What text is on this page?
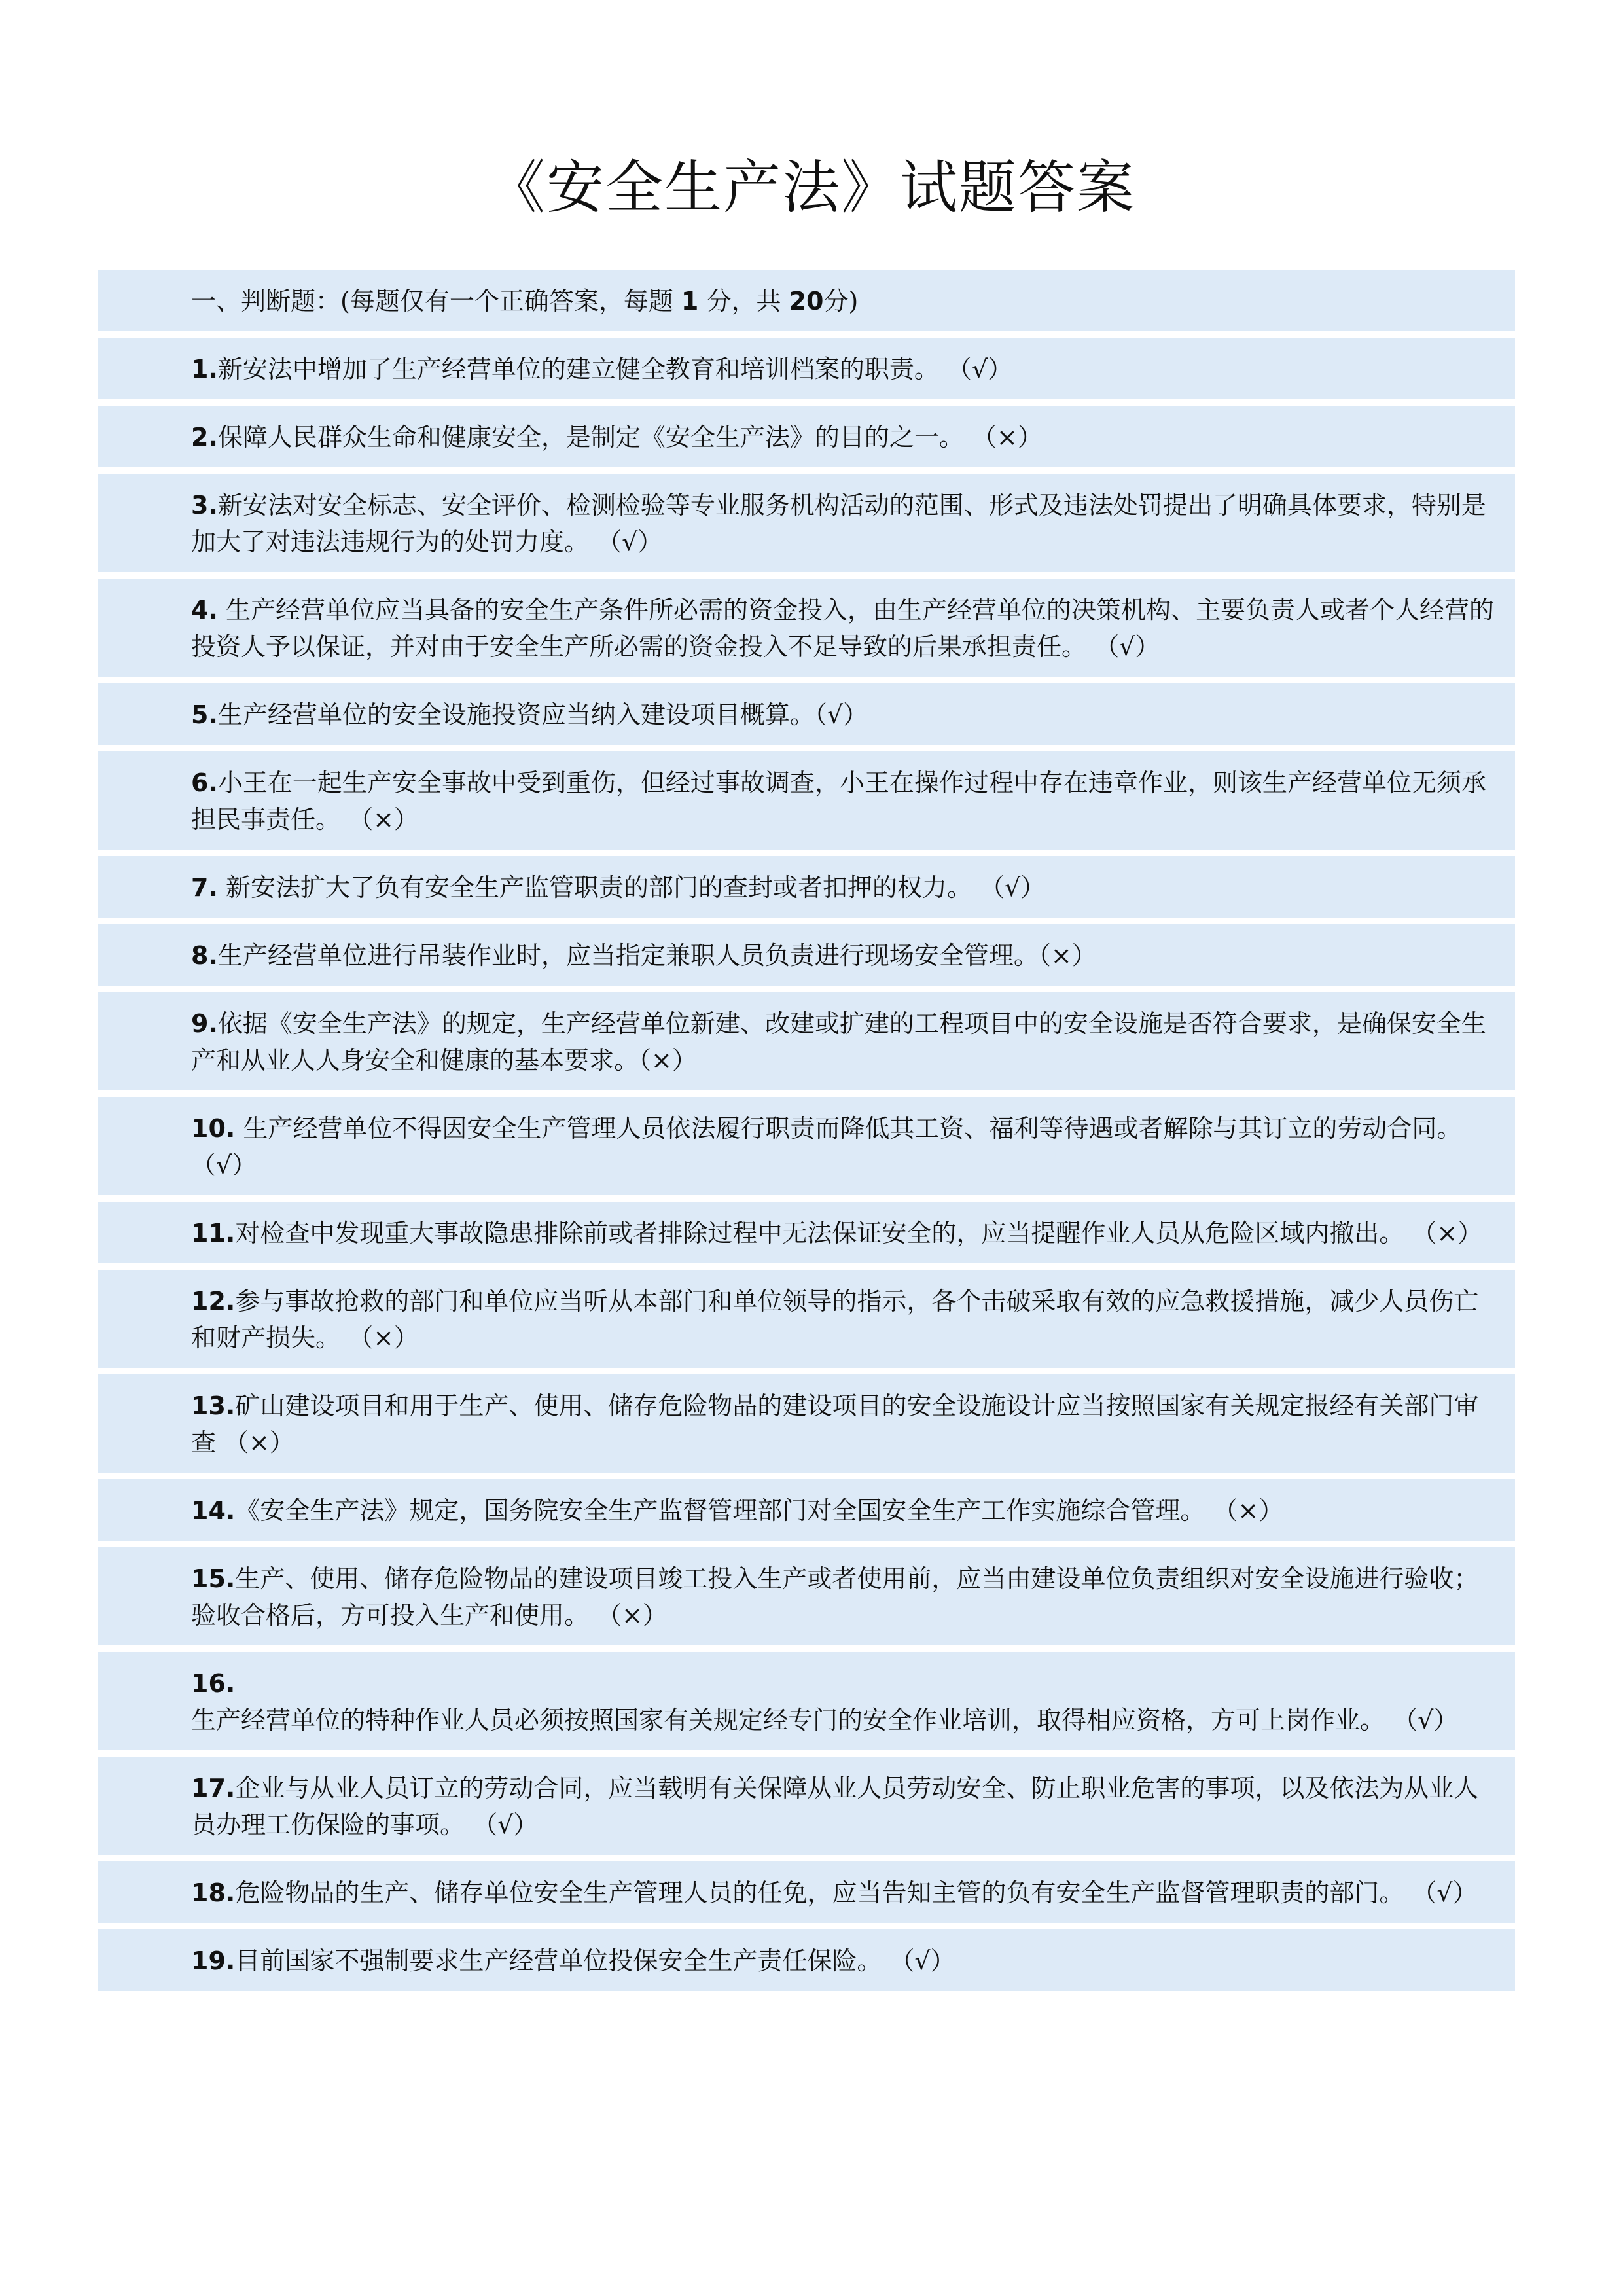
《安全生产法》试题答案
一、判断题：(每题仅有一个正确答案，每题 1 分，共 20分)
1.新安法中增加了生产经营单位的建立健全教育和培训档案的职责。 （√）
2.保障人民群众生命和健康安全，是制定《安全生产法》的目的之一。 （×）
3.新安法对安全标志、安全评价、检测检验等专业服务机构活动的范围、形式及违法处罚提出了明确具体要求，特别是加大了对违法违规行为的处罚力度。 （√）
4. 生产经营单位应当具备的安全生产条件所必需的资金投入，由生产经营单位的决策机构、主要负责人或者个人经营的投资人予以保证，并对由于安全生产所必需的资金投入不足导致的后果承担责任。 （√）
5.生产经营单位的安全设施投资应当纳入建设项目概算。（√）
6.小王在一起生产安全事故中受到重伤，但经过事故调查，小王在操作过程中存在违章作业，则该生产经营单位无须承担民事责任。 （×）
7. 新安法扩大了负有安全生产监管职责的部门的查封或者扣押的权力。 （√）
8.生产经营单位进行吊装作业时，应当指定兼职人员负责进行现场安全管理。（×）
9.依据《安全生产法》的规定，生产经营单位新建、改建或扩建的工程项目中的安全设施是否符合要求，是确保安全生产和从业人人身安全和健康的基本要求。（×）
10. 生产经营单位不得因安全生产管理人员依法履行职责而降低其工资、福利等待遇或者解除与其订立的劳动合同。 （√）
11.对检查中发现重大事故隐患排除前或者排除过程中无法保证安全的，应当提醒作业人员从危险区域内撤出。 （×）
12.参与事故抢救的部门和单位应当听从本部门和单位领导的指示，各个击破采取有效的应急救援措施，减少人员伤亡和财产损失。 （×）
13.矿山建设项目和用于生产、使用、储存危险物品的建设项目的安全设施设计应当按照国家有关规定报经有关部门审查 （×）
14.《安全生产法》规定，国务院安全生产监督管理部门对全国安全生产工作实施综合管理。 （×）
15.生产、使用、储存危险物品的建设项目竣工投入生产或者使用前，应当由建设单位负责组织对安全设施进行验收；验收合格后，方可投入生产和使用。 （×）
16.生产经营单位的特种作业人员必须按照国家有关规定经专门的安全作业培训，取得相应资格，方可上岗作业。 （√）
17.企业与从业人员订立的劳动合同，应当载明有关保障从业人员劳动安全、防止职业危害的事项，以及依法为从业人员办理工伤保险的事项。 （√）
18.危险物品的生产、储存单位安全生产管理人员的任免，应当告知主管的负有安全生产监督管理职责的部门。 （√）
19.目前国家不强制要求生产经营单位投保安全生产责任保险。 （√）
